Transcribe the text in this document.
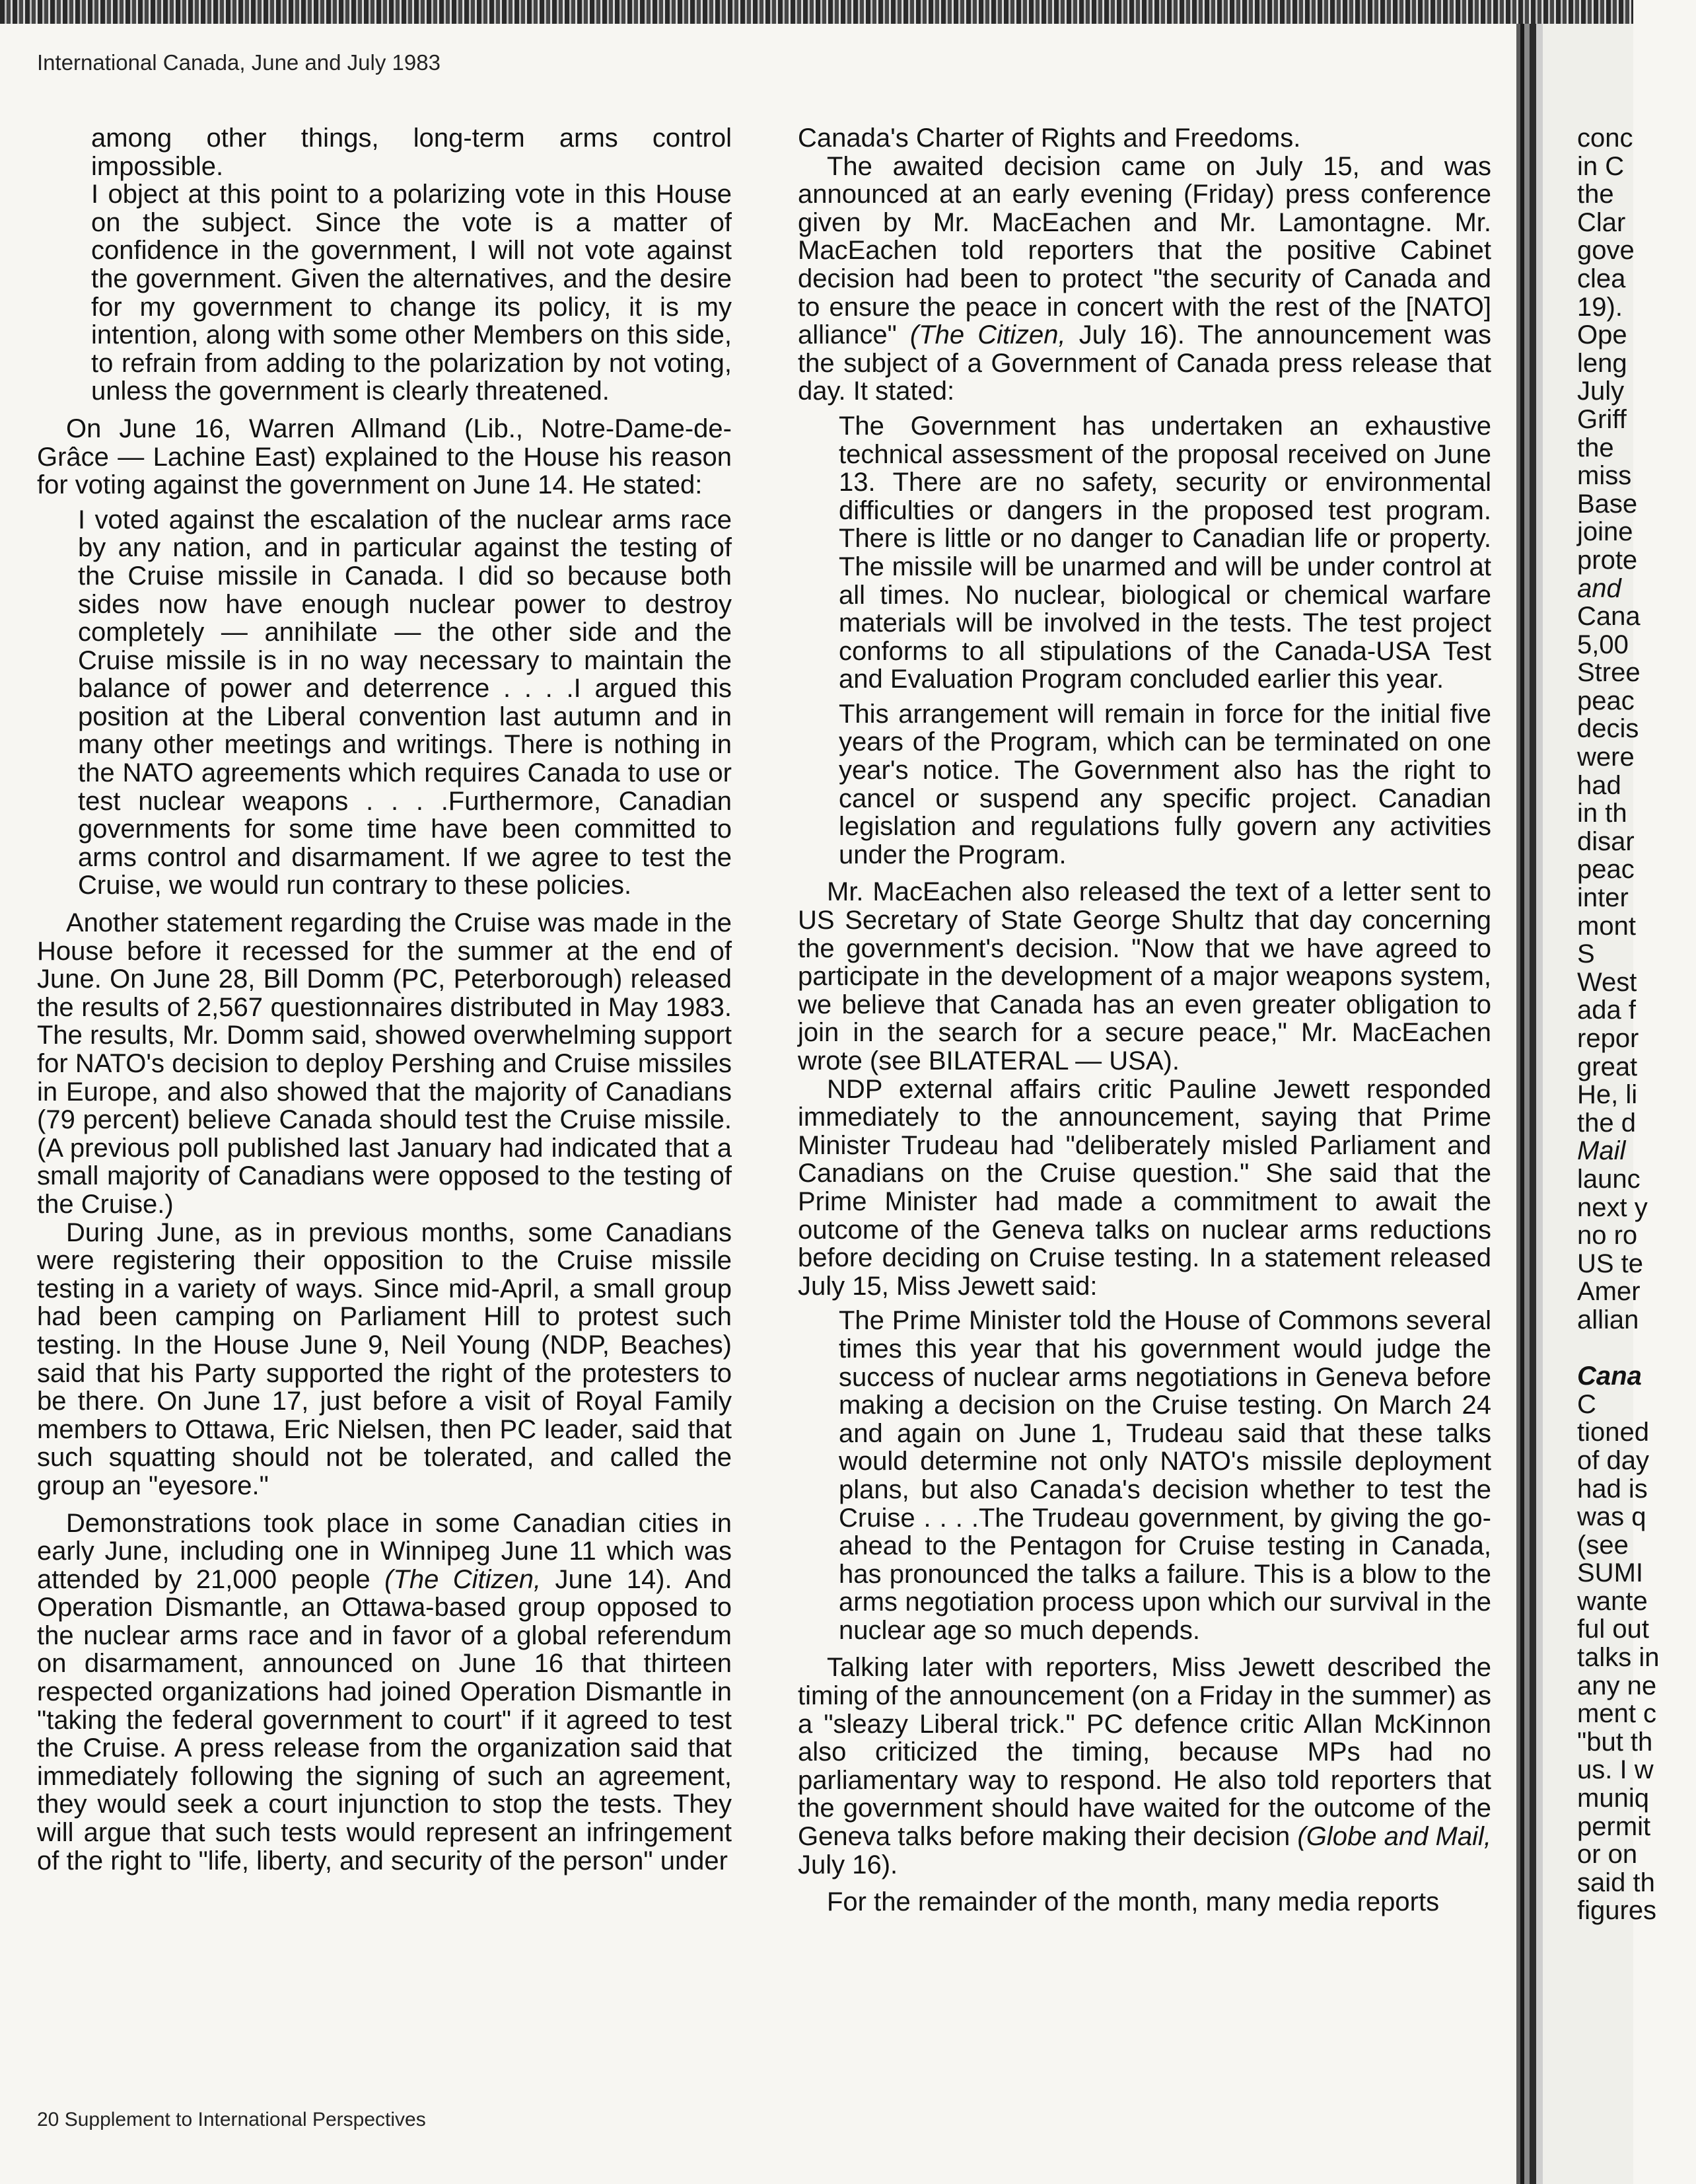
International Canada, June and July 1983

among other things, long-term arms control impossible.

I object at this point to a polarizing vote in this House on the subject. Since the vote is a matter of confidence in the government, I will not vote against the government. Given the alternatives, and the desire for my government to change its policy, it is my intention, along with some other Members on this side, to refrain from adding to the polarization by not voting, unless the government is clearly threatened.

On June 16, Warren Allmand (Lib., Notre-Dame-de-Grâce — Lachine East) explained to the House his reason for voting against the government on June 14. He stated:

I voted against the escalation of the nuclear arms race by any nation, and in particular against the testing of the Cruise missile in Canada. I did so because both sides now have enough nuclear power to destroy completely — annihilate — the other side and the Cruise missile is in no way necessary to maintain the balance of power and deterrence . . . .I argued this position at the Liberal convention last autumn and in many other meetings and writings. There is nothing in the NATO agreements which requires Canada to use or test nuclear weapons . . . .Furthermore, Canadian governments for some time have been committed to arms control and disarmament. If we agree to test the Cruise, we would run contrary to these policies.

Another statement regarding the Cruise was made in the House before it recessed for the summer at the end of June. On June 28, Bill Domm (PC, Peterborough) released the results of 2,567 questionnaires distributed in May 1983. The results, Mr. Domm said, showed overwhelming support for NATO's decision to deploy Pershing and Cruise missiles in Europe, and also showed that the majority of Canadians (79 percent) believe Canada should test the Cruise missile. (A previous poll published last January had indicated that a small majority of Canadians were opposed to the testing of the Cruise.)

During June, as in previous months, some Canadians were registering their opposition to the Cruise missile testing in a variety of ways. Since mid-April, a small group had been camping on Parliament Hill to protest such testing. In the House June 9, Neil Young (NDP, Beaches) said that his Party supported the right of the protesters to be there. On June 17, just before a visit of Royal Family members to Ottawa, Eric Nielsen, then PC leader, said that such squatting should not be tolerated, and called the group an "eyesore."

Demonstrations took place in some Canadian cities in early June, including one in Winnipeg June 11 which was attended by 21,000 people (The Citizen, June 14). And Operation Dismantle, an Ottawa-based group opposed to the nuclear arms race and in favor of a global referendum on disarmament, announced on June 16 that thirteen respected organizations had joined Operation Dismantle in "taking the federal government to court" if it agreed to test the Cruise. A press release from the organization said that immediately following the signing of such an agreement, they would seek a court injunction to stop the tests. They will argue that such tests would represent an infringement of the right to "life, liberty, and security of the person" under

Canada's Charter of Rights and Freedoms.

The awaited decision came on July 15, and was announced at an early evening (Friday) press conference given by Mr. MacEachen and Mr. Lamontagne. Mr. MacEachen told reporters that the positive Cabinet decision had been to protect "the security of Canada and to ensure the peace in concert with the rest of the [NATO] alliance" (The Citizen, July 16). The announcement was the subject of a Government of Canada press release that day. It stated:

The Government has undertaken an exhaustive technical assessment of the proposal received on June 13. There are no safety, security or environmental difficulties or dangers in the proposed test program. There is little or no danger to Canadian life or property. The missile will be unarmed and will be under control at all times. No nuclear, biological or chemical warfare materials will be involved in the tests. The test project conforms to all stipulations of the Canada-USA Test and Evaluation Program concluded earlier this year.

This arrangement will remain in force for the initial five years of the Program, which can be terminated on one year's notice. The Government also has the right to cancel or suspend any specific project. Canadian legislation and regulations fully govern any activities under the Program.

Mr. MacEachen also released the text of a letter sent to US Secretary of State George Shultz that day concerning the government's decision. "Now that we have agreed to participate in the development of a major weapons system, we believe that Canada has an even greater obligation to join in the search for a secure peace," Mr. MacEachen wrote (see BILATERAL — USA).

NDP external affairs critic Pauline Jewett responded immediately to the announcement, saying that Prime Minister Trudeau had "deliberately misled Parliament and Canadians on the Cruise question." She said that the Prime Minister had made a commitment to await the outcome of the Geneva talks on nuclear arms reductions before deciding on Cruise testing. In a statement released July 15, Miss Jewett said:

The Prime Minister told the House of Commons several times this year that his government would judge the success of nuclear arms negotiations in Geneva before making a decision on the Cruise testing. On March 24 and again on June 1, Trudeau said that these talks would determine not only NATO's missile deployment plans, but also Canada's decision whether to test the Cruise . . . .The Trudeau government, by giving the go-ahead to the Pentagon for Cruise testing in Canada, has pronounced the talks a failure. This is a blow to the arms negotiation process upon which our survival in the nuclear age so much depends.

Talking later with reporters, Miss Jewett described the timing of the announcement (on a Friday in the summer) as a "sleazy Liberal trick." PC defence critic Allan McKinnon also criticized the timing, because MPs had no parliamentary way to respond. He also told reporters that the government should have waited for the outcome of the Geneva talks before making their decision (Globe and Mail, July 16).

For the remainder of the month, many media reports

conc
in C
the
Clar
gove
clea
19).
Ope
leng
July
Griff
the
miss
Base
joine
prote
and
Cana
5,00
Stree
peac
decis
were
had
in th
disar
peac
inter
mont
S
West
ada f
repor
great
He, li
the d
Mail
launc
next y
no ro
US te
Amer
allian

Cana
C
tioned
of day
had is
was q
(see
SUMI
wante
ful out
talks in
any ne
ment c
"but th
us. I w
muniq
permit
or on
said th
figures
20 Supplement to International Perspectives
